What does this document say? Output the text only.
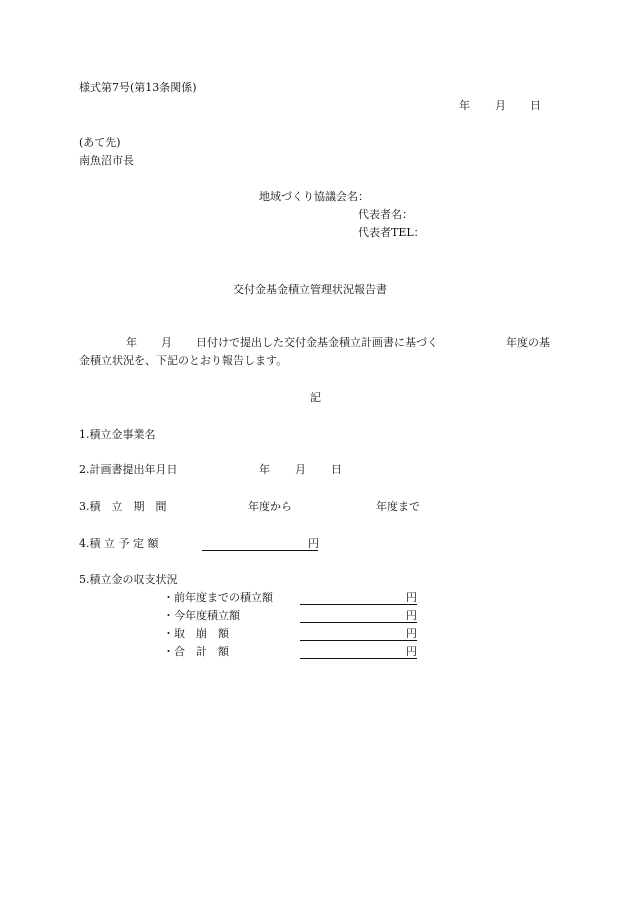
様式第7号(第13条関係)
年 月 日
(あて先)
南魚沼市長
地域づくり協議会名：
代表者名：
代表者TEL：
交付金基金積立管理状況報告書
年 月 日付けで提出した交付金基金積立計画書に基づく	年度の基
金積立状況を、下記のとおり報告します。
記
1.積立金事業名
2.計画書提出年月日	年 月 日
3.積　立　期　間	年度から	年度まで
4.積 立 予 定 額	円
5.積立金の収支状況
・前年度までの積立額	円
・今年度積立額	円
・取　崩　額	円
・合　計　額	円
